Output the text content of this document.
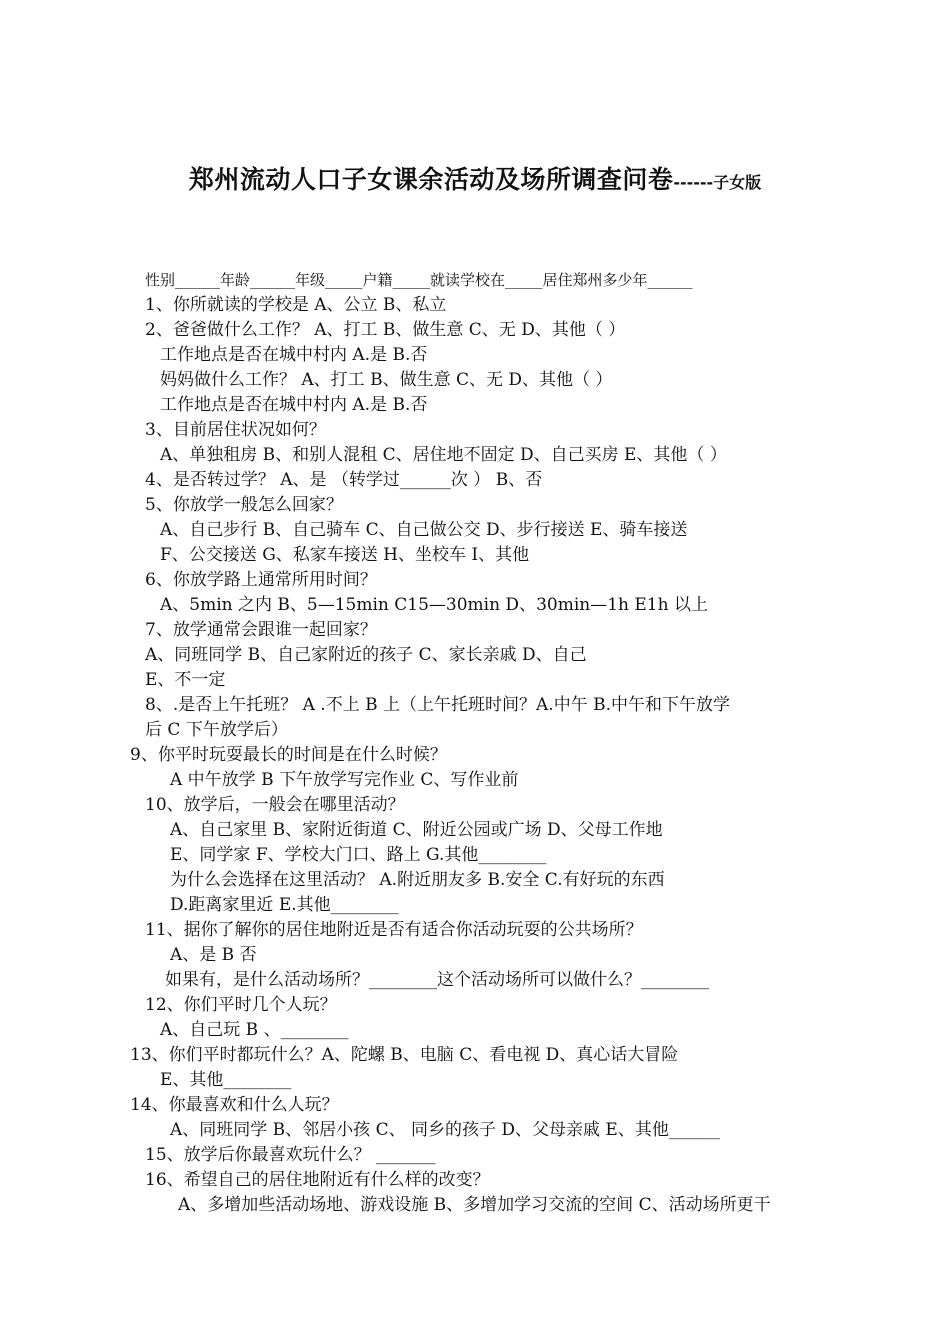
郑州流动人口子女课余活动及场所调查问卷------子女版
性别______年龄______年级_____户籍_____就读学校在_____居住郑州多少年______
1、你所就读的学校是 A、公立 B、私立
2、爸爸做什么工作？ A、打工 B、做生意 C、无 D、其他（ ）
工作地点是否在城中村内 A.是 B.否
妈妈做什么工作？ A、打工 B、做生意 C、无 D、其他（ ）
工作地点是否在城中村内 A.是 B.否
3、目前居住状况如何？
A、单独租房 B、和别人混租 C、居住地不固定 D、自己买房 E、其他（ ）
4、是否转过学？ A、是 （转学过______次 ） B、否
5、你放学一般怎么回家？
A、自己步行 B、自己骑车 C、自己做公交 D、步行接送 E、骑车接送
F、公交接送 G、私家车接送 H、坐校车 I、其他
6、你放学路上通常所用时间？
A、5min 之内 B、5—15min C15—30min D、30min—1h E1h 以上
7、放学通常会跟谁一起回家？
A、同班同学 B、自己家附近的孩子 C、家长亲戚 D、自己
E、不一定
8、.是否上午托班？ A .不上 B 上（上午托班时间？A.中午 B.中午和下午放学
后 C 下午放学后）
9、你平时玩耍最长的时间是在什么时候？
A 中午放学 B 下午放学写完作业 C、写作业前
10、放学后，一般会在哪里活动？
A、自己家里 B、家附近街道 C、附近公园或广场 D、父母工作地
E、同学家 F、学校大门口、路上 G.其他________
为什么会选择在这里活动？ A.附近朋友多 B.安全 C.有好玩的东西
D.距离家里近 E.其他________
11、据你了解你的居住地附近是否有适合你活动玩耍的公共场所？
A、是 B 否
如果有，是什么活动场所？________这个活动场所可以做什么？________
12、你们平时几个人玩？
A、自己玩 B 、________
13、你们平时都玩什么？A、陀螺 B、电脑 C、看电视 D、真心话大冒险
E、其他________
14、你最喜欢和什么人玩？
A、同班同学 B、邻居小孩 C、 同乡的孩子 D、父母亲戚 E、其他______
15、放学后你最喜欢玩什么？ _______
16、希望自己的居住地附近有什么样的改变？
A、多增加些活动场地、游戏设施 B、多增加学习交流的空间 C、活动场所更干
